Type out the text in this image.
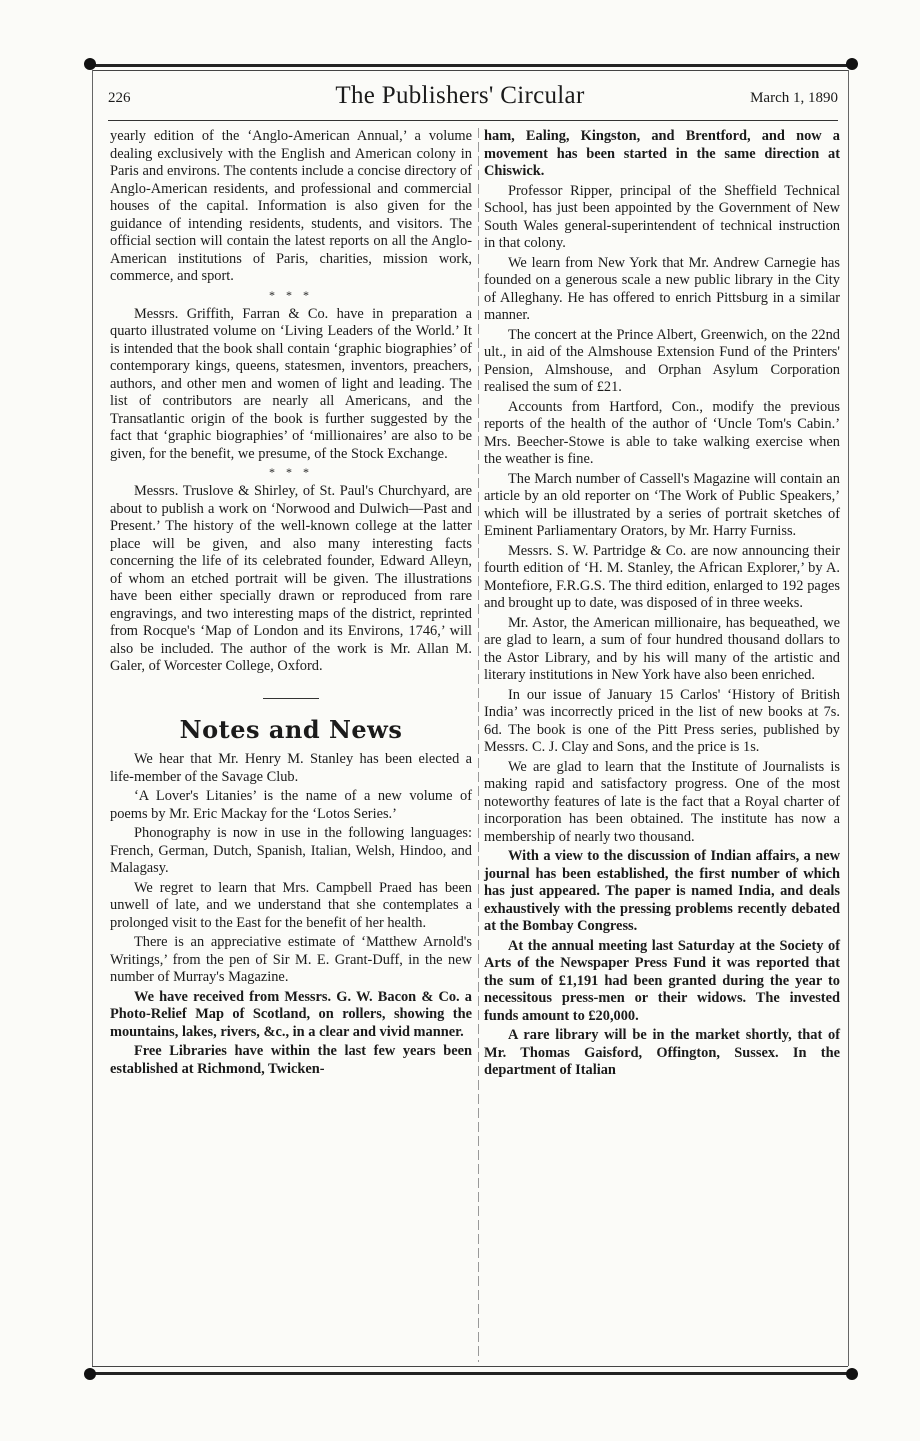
226	The Publishers' Circular	March 1, 1890

yearly edition of the ‘Anglo-American Annual,’ a volume dealing exclusively with the English and American colony in Paris and environs. The contents include a concise directory of Anglo-American residents, and professional and commercial houses of the capital. Information is also given for the guidance of intending residents, students, and visitors. The official section will contain the latest reports on all the Anglo-American institutions of Paris, charities, mission work, commerce, and sport.

* * *

Messrs. Griffith, Farran & Co. have in preparation a quarto illustrated volume on ‘Living Leaders of the World.’ It is intended that the book shall contain ‘graphic biographies’ of contemporary kings, queens, statesmen, inventors, preachers, authors, and other men and women of light and leading. The list of contributors are nearly all Americans, and the Transatlantic origin of the book is further suggested by the fact that ‘graphic biographies’ of ‘millionaires’ are also to be given, for the benefit, we presume, of the Stock Exchange.

* * *

Messrs. Truslove & Shirley, of St. Paul's Churchyard, are about to publish a work on ‘Norwood and Dulwich—Past and Present.’ The history of the well-known college at the latter place will be given, and also many interesting facts concerning the life of its celebrated founder, Edward Alleyn, of whom an etched portrait will be given. The illustrations have been either specially drawn or reproduced from rare engravings, and two interesting maps of the district, reprinted from Rocque's ‘Map of London and its Environs, 1746,’ will also be included. The author of the work is Mr. Allan M. Galer, of Worcester College, Oxford.

Notes and News

We hear that Mr. Henry M. Stanley has been elected a life-member of the Savage Club.

‘A Lover's Litanies’ is the name of a new volume of poems by Mr. Eric Mackay for the ‘Lotos Series.’

Phonography is now in use in the following languages: French, German, Dutch, Spanish, Italian, Welsh, Hindoo, and Malagasy.

We regret to learn that Mrs. Campbell Praed has been unwell of late, and we understand that she contemplates a prolonged visit to the East for the benefit of her health.

There is an appreciative estimate of ‘Matthew Arnold's Writings,’ from the pen of Sir M. E. Grant-Duff, in the new number of Murray's Magazine.

We have received from Messrs. G. W. Bacon & Co. a Photo-Relief Map of Scotland, on rollers, showing the mountains, lakes, rivers, &c., in a clear and vivid manner.

Free Libraries have within the last few years been established at Richmond, Twicken-

ham, Ealing, Kingston, and Brentford, and now a movement has been started in the same direction at Chiswick.

Professor Ripper, principal of the Sheffield Technical School, has just been appointed by the Government of New South Wales general-superintendent of technical instruction in that colony.

We learn from New York that Mr. Andrew Carnegie has founded on a generous scale a new public library in the City of Alleghany. He has offered to enrich Pittsburg in a similar manner.

The concert at the Prince Albert, Greenwich, on the 22nd ult., in aid of the Almshouse Extension Fund of the Printers' Pension, Almshouse, and Orphan Asylum Corporation realised the sum of £21.

Accounts from Hartford, Con., modify the previous reports of the health of the author of ‘Uncle Tom's Cabin.’ Mrs. Beecher-Stowe is able to take walking exercise when the weather is fine.

The March number of Cassell's Magazine will contain an article by an old reporter on ‘The Work of Public Speakers,’ which will be illustrated by a series of portrait sketches of Eminent Parliamentary Orators, by Mr. Harry Furniss.

Messrs. S. W. Partridge & Co. are now announcing their fourth edition of ‘H. M. Stanley, the African Explorer,’ by A. Montefiore, F.R.G.S. The third edition, enlarged to 192 pages and brought up to date, was disposed of in three weeks.

Mr. Astor, the American millionaire, has bequeathed, we are glad to learn, a sum of four hundred thousand dollars to the Astor Library, and by his will many of the artistic and literary institutions in New York have also been enriched.

In our issue of January 15 Carlos' ‘History of British India’ was incorrectly priced in the list of new books at 7s. 6d. The book is one of the Pitt Press series, published by Messrs. C. J. Clay and Sons, and the price is 1s.

We are glad to learn that the Institute of Journalists is making rapid and satisfactory progress. One of the most noteworthy features of late is the fact that a Royal charter of incorporation has been obtained. The institute has now a membership of nearly two thousand.

With a view to the discussion of Indian affairs, a new journal has been established, the first number of which has just appeared. The paper is named India, and deals exhaustively with the pressing problems recently debated at the Bombay Congress.

At the annual meeting last Saturday at the Society of Arts of the Newspaper Press Fund it was reported that the sum of £1,191 had been granted during the year to necessitous press-men or their widows. The invested funds amount to £20,000.

A rare library will be in the market shortly, that of Mr. Thomas Gaisford, Offington, Sussex. In the department of Italian
